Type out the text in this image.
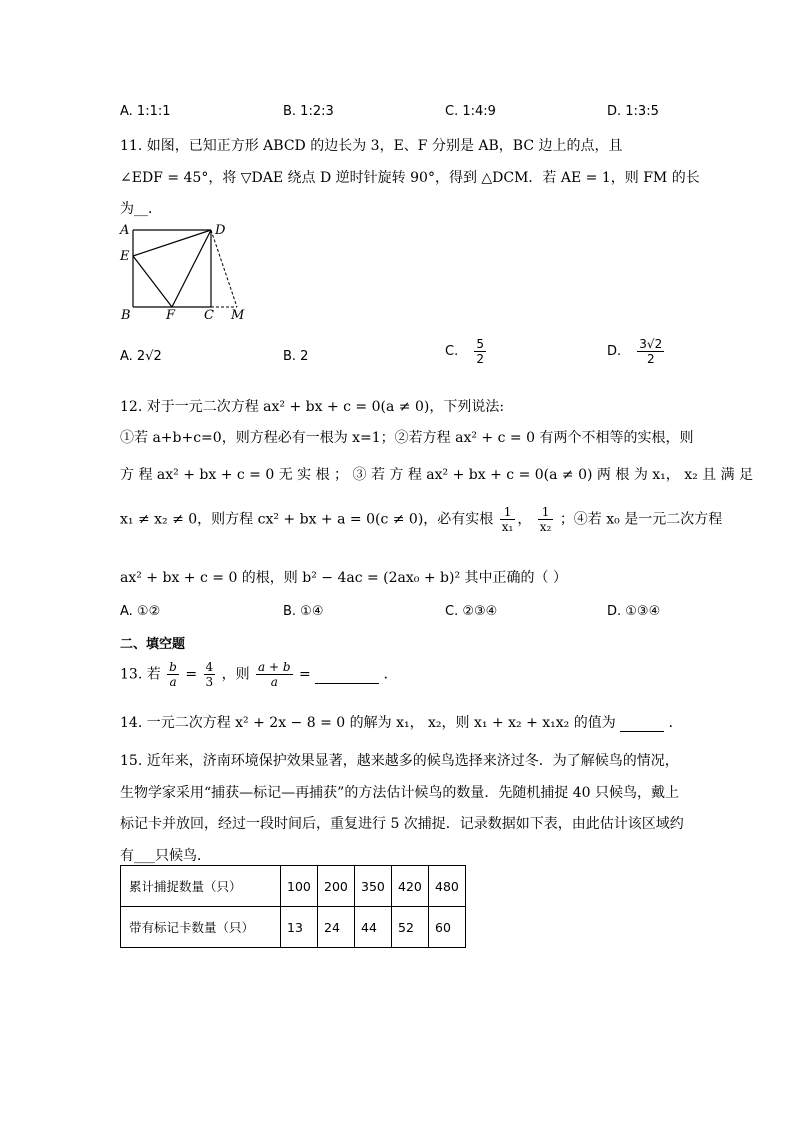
A. 1:1:1	B. 1:2:3	C. 1:4:9	D. 1:3:5
11. 如图，已知正方形 ABCD 的边长为 3，E、F 分别是 AB，BC 边上的点，且
∠EDF = 45°，将 ▽DAE 绕点 D 逆时针旋转 90°，得到 △DCM．若 AE = 1，则 FM 的长
为__．
A	D
E
B	F C M
A. 2√2	B. 2	C. $\frac{5}{2}$	D. $\frac{3√2}{2}$
12. 对于一元二次方程 ax² + bx + c = 0(a ≠ 0)，下列说法:
①若 a+b+c=0，则方程必有一根为 x=1；②若方程 ax² + c = 0 有两个不相等的实根，则
方 程 ax² + bx + c = 0 无 实 根 ； ③ 若 方 程 ax² + bx + c = 0(a ≠ 0) 两 根 为 x₁， x₂ 且 满 足
x₁ ≠ x₂ ≠ 0，则方程 cx² + bx + a = 0(c ≠ 0)，必有实根 $\frac{1}{\text{x₁}}$ ， $\frac{1}{\text{x₂}}$ ；④若 x₀ 是一元二次方程
ax² + bx + c = 0 的根，则 b² − 4ac = (2ax₀ + b)² 其中正确的（ ）
A. ①②	B. ①④	C. ②③④	D. ①③④
二、填空题
13. 若 $\frac{b}{a} = \frac{4}{3}$ ，则 $\frac{a + b}{a}$ =	．
14. 一元二次方程 x² + 2x − 8 = 0 的解为 x₁， x₂，则 x₁ + x₂ + x₁x₂ 的值为	．
15. 近年来，济南环境保护效果显著，越来越多的候鸟选择来济过冬．为了解候鸟的情况，
生物学家采用“捕获—标记—再捕获”的方法估计候鸟的数量．先随机捕捉 40 只候鸟，戴上
标记卡并放回，经过一段时间后，重复进行 5 次捕捉．记录数据如下表，由此估计该区域约
有___只候鸟．
累计捕捉数量（只）	100	200	350	420	480
带有标记卡数量（只）	13	24	44	52	60
